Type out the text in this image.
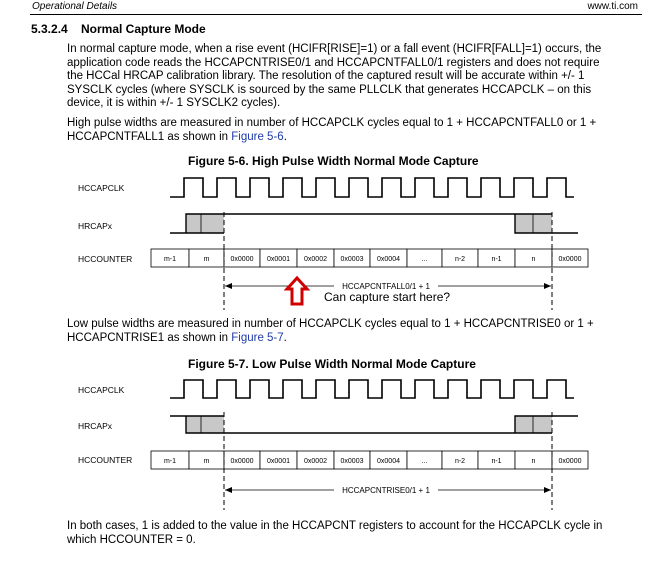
Operational Details	www.ti.com
5.3.2.4 Normal Capture Mode
In normal capture mode, when a rise event (HCIFR[RISE]=1) or a fall event (HCIFR[FALL]=1) occurs, the
application code reads the HCCAPCNTRISE0/1 and HCCAPCNTFALL0/1 registers and does not require
the HCCal HRCAP calibration library. The resolution of the captured result will be accurate within +/- 1
SYSCLK cycles (where SYSCLK is sourced by the same PLLCLK that generates HCCAPCLK – on this
device, it is within +/- 1 SYSCLK2 cycles).
High pulse widths are measured in number of HCCAPCLK cycles equal to 1 + HCCAPCNTFALL0 or 1 +
HCCAPCNTFALL1 as shown in Figure 5-6.
Figure 5-6. High Pulse Width Normal Mode Capture
HCCAPCLK
HRCAPx
HCCOUNTER	m-1	m	0x0000 0x0001 0x0002 0x0003 0x0004	...	n-2	n-1	n	0x0000
HCCAPCNTFALL0/1 + 1
Can capture start here?
Low pulse widths are measured in number of HCCAPCLK cycles equal to 1 + HCCAPCNTRISE0 or 1 +
HCCAPCNTRISE1 as shown in Figure 5-7.
Figure 5-7. Low Pulse Width Normal Mode Capture
HCCAPCLK
HRCAPx
HCCOUNTER	m-1	m	0x0000 0x0001 0x0002 0x0003 0x0004	...	n-2	n-1	n	0x0000
HCCAPCNTRISE0/1 + 1
In both cases, 1 is added to the value in the HCCAPCNT registers to account for the HCCAPCLK cycle in
which HCCOUNTER = 0.
